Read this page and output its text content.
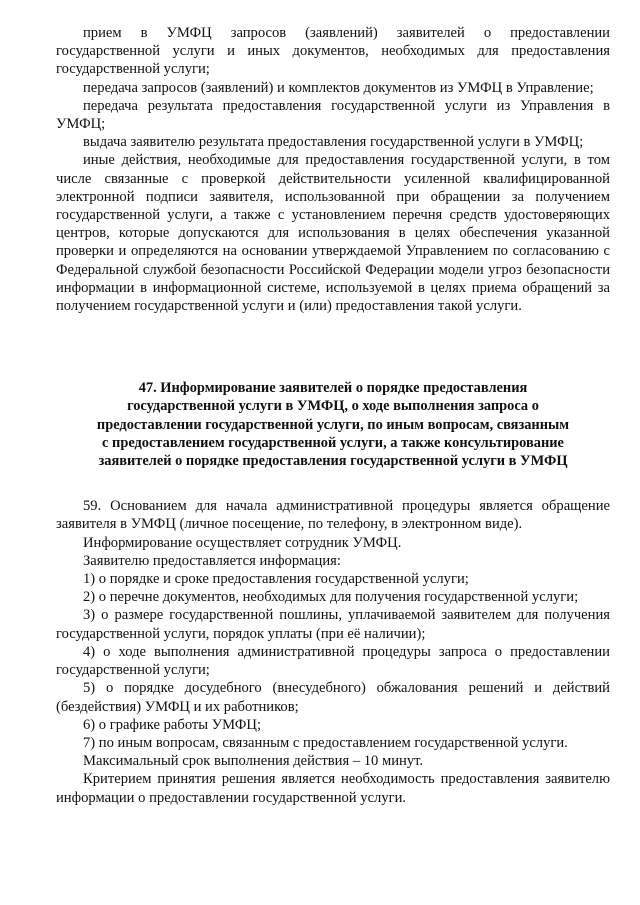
прием в УМФЦ запросов (заявлений) заявителей о предоставлении государственной услуги и иных документов, необходимых для предоставления государственной услуги;

передача запросов (заявлений) и комплектов документов из УМФЦ в Управление;

передача результата предоставления государственной услуги из Управления в УМФЦ;

выдача заявителю результата предоставления государственной услуги в УМФЦ;

иные действия, необходимые для предоставления государственной услуги, в том числе связанные с проверкой действительности усиленной квалифицированной электронной подписи заявителя, использованной при обращении за получением государственной услуги, а также с установлением перечня средств удостоверяющих центров, которые допускаются для использования в целях обеспечения указанной проверки и определяются на основании утверждаемой Управлением по согласованию с Федеральной службой безопасности Российской Федерации модели угроз безопасности информации в информационной системе, используемой в целях приема обращений за получением государственной услуги и (или) предоставления такой услуги.

47. Информирование заявителей о порядке предоставления государственной услуги в УМФЦ, о ходе выполнения запроса о предоставлении государственной услуги, по иным вопросам, связанным с предоставлением государственной услуги, а также консультирование заявителей о порядке предоставления государственной услуги в УМФЦ

59. Основанием для начала административной процедуры является обращение заявителя в УМФЦ (личное посещение, по телефону, в электронном виде).

Информирование осуществляет сотрудник УМФЦ.

Заявителю предоставляется информация:

1) о порядке и сроке предоставления государственной услуги;

2) о перечне документов, необходимых для получения государственной услуги;

3) о размере государственной пошлины, уплачиваемой заявителем для получения государственной услуги, порядок уплаты (при её наличии);

4) о ходе выполнения административной процедуры запроса о предоставлении государственной услуги;

5) о порядке досудебного (внесудебного) обжалования решений и действий (бездействия) УМФЦ и их работников;

6) о графике работы УМФЦ;

7) по иным вопросам, связанным с предоставлением государственной услуги.

Максимальный срок выполнения действия – 10 минут.

Критерием принятия решения является необходимость предоставления заявителю информации о предоставлении государственной услуги.
